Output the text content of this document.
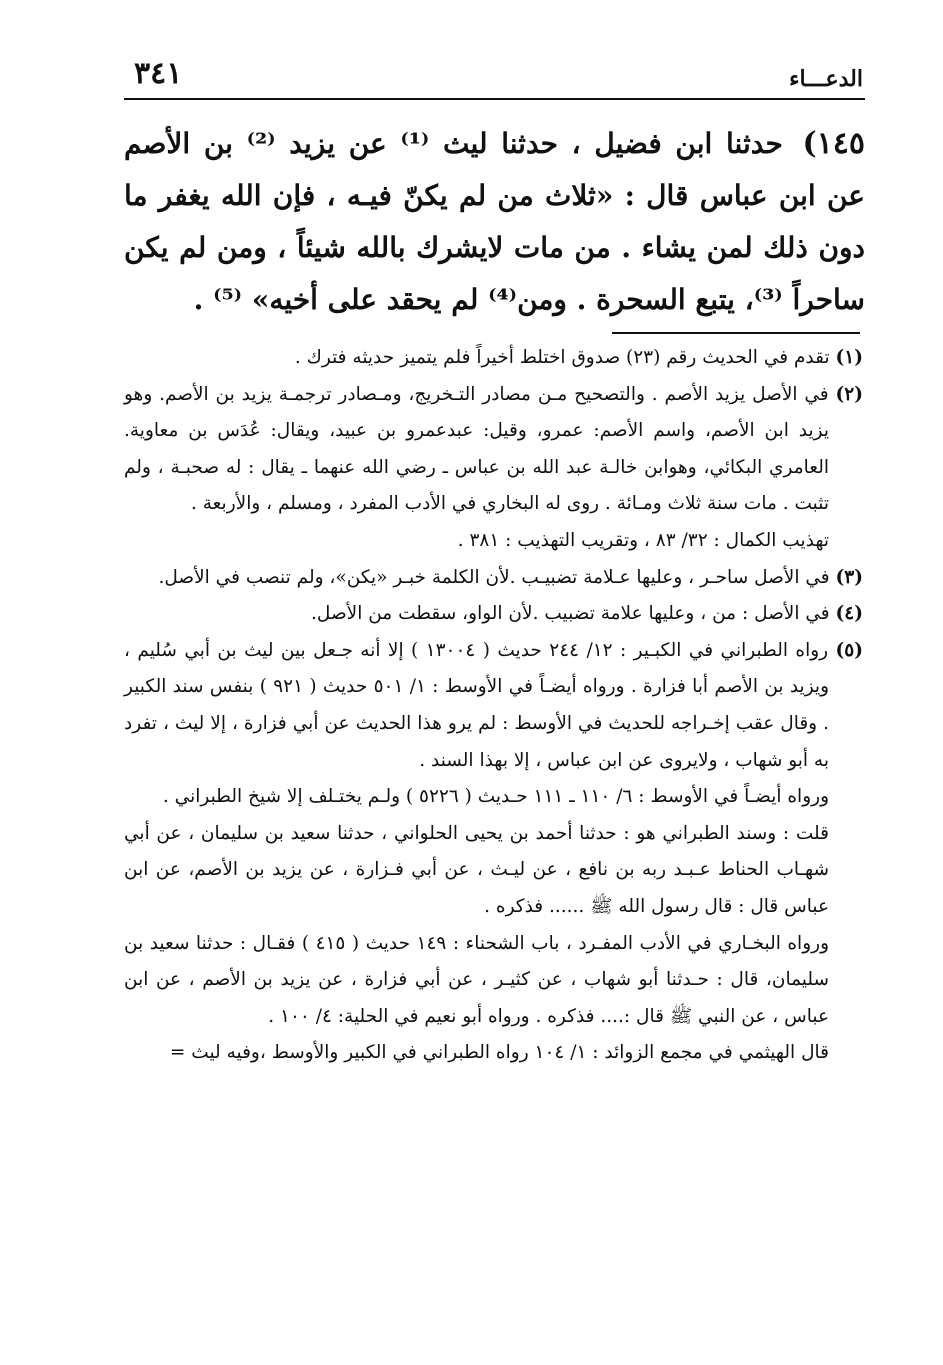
الدعـــاء
٣٤١

١٤٥) حدثنا ابن فضيل ، حدثنا ليث ⁽¹⁾ عن يزيد ⁽²⁾ بن الأصم عن ابن عباس قال : «ثلاث من لم يكنّ فيـه ، فإن الله يغفر ما دون ذلك لمن يشاء . من مات لايشرك بالله شيئاً ، ومن لم يكن ساحراً ⁽³⁾، يتبع السحرة . ومن⁽⁴⁾ لم يحقد على أخيه» ⁽⁵⁾ .

(١) تقدم في الحديث رقم (٢٣) صدوق اختلط أخيراً فلم يتميز حديثه فترك .

(٢) في الأصل يزيد الأصم . والتصحيح مـن مصادر التـخريج، ومـصادر ترجمـة يزيد بن الأصم. وهو يزيد ابن الأصم، واسم الأصم: عمرو، وقيل: عبدعمرو بن عبيد، ويقال: عُدَس بن معاوية. العامري البكائي، وهوابن خالـة عبد الله بن عباس ـ رضي الله عنهما ـ يقال : له صحبـة ، ولم تثبت . مات سنة ثلاث ومـائة . روى له البخاري في الأدب المفرد ، ومسلم ، والأربعة .

تهذيب الكمال : ٣٢/ ٨٣ ، وتقريب التهذيب : ٣٨١ .

(٣) في الأصل ساحـر ، وعليها عـلامة تضبيـب .لأن الكلمة خبـر «يكن»، ولم تنصب في الأصل.

(٤) في الأصل : من ، وعليها علامة تضبيب .لأن الواو، سقطت من الأصل.

(٥) رواه الطبراني في الكبـير : ١٢/ ٢٤٤ حديث ( ١٣٠٠٤ ) إلا أنه جـعل بين ليث بن أبي سُليم ، ويزيد بن الأصم أبا فزارة . ورواه أيضـاً في الأوسط : ١/ ٥٠١ حديث ( ٩٢١ ) بنفس سند الكبير . وقال عقب إخـراجه للحديث في الأوسط : لم يرو هذا الحديث عن أبي فزارة ، إلا ليث ، تفرد به أبو شهاب ، ولايروى عن ابن عباس ، إلا بهذا السند .

ورواه أيضـاً في الأوسط : ٦/ ١١٠ ـ ١١١ حـديث ( ٥٢٢٦ ) ولـم يختـلف إلا شيخ الطبراني .

قلت : وسند الطبراني هو : حدثنا أحمد بن يحيى الحلواني ، حدثنا سعيد بن سليمان ، عن أبي شهـاب الحناط عـبـد ربه بن نافع ، عن ليـث ، عن أبي فـزارة ، عن يزيد بن الأصم، عن ابن عباس قال : قال رسول الله ﷺ ...... فذكره .

ورواه البخـاري في الأدب المفـرد ، باب الشحناء : ١٤٩ حديث ( ٤١٥ ) فقـال : حدثنا سعيد بن سليمان، قال : حـدثنا أبو شهاب ، عن كثيـر ، عن أبي فزارة ، عن يزيد بن الأصم ، عن ابن عباس ، عن النبي ﷺ قال :.... فذكره . ورواه أبو نعيم في الحلية: ٤/ ١٠٠ .

قال الهيثمي في مجمع الزوائد : ١/ ١٠٤ رواه الطبراني في الكبير والأوسط ،وفيه ليث =
